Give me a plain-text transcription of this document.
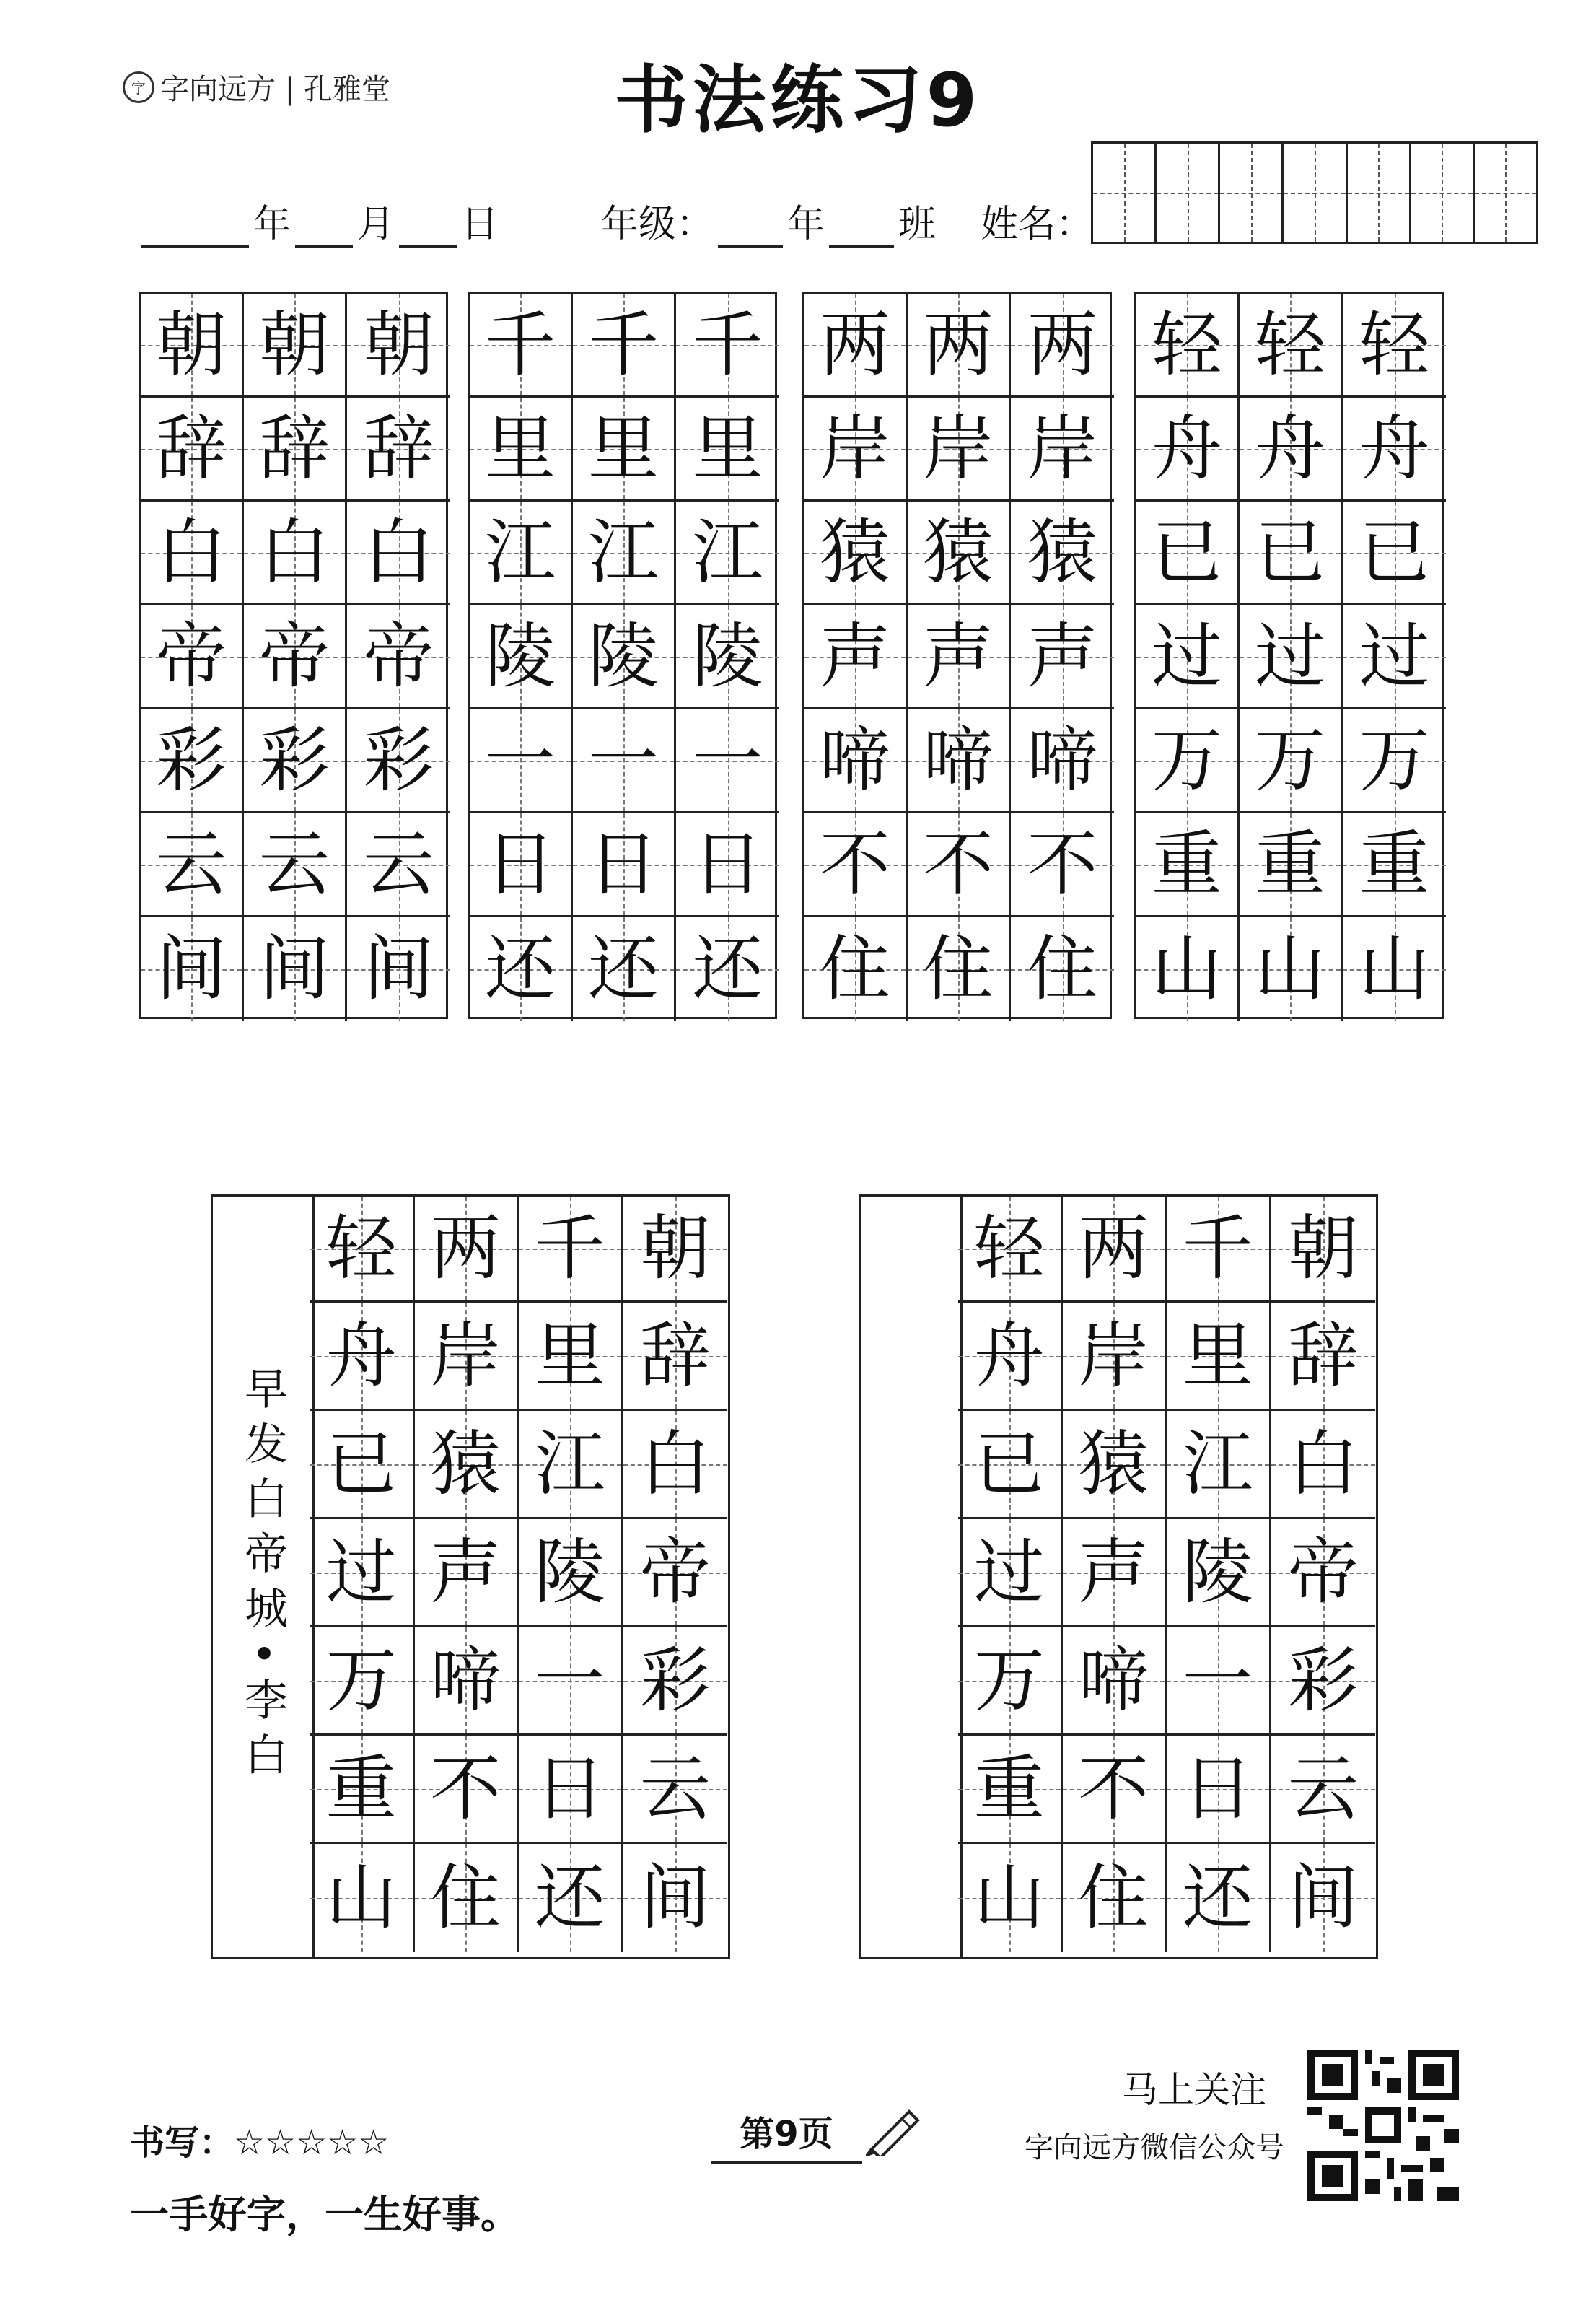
字 字向远方 | 孔雅堂	书法练习9
年 月 日	年级： 年 班 姓名：
朝 朝 朝
辞 辞 辞
白 白 白
帝 帝 帝
彩 彩 彩
云 云 云
间 间 间
千 千 千
里 里 里
江 江 江
陵 陵 陵
一 一 一
日 日 日
还 还 还
两 两 两
岸 岸 岸
猿 猿 猿
声 声 声
啼 啼 啼
不 不 不
住 住 住
轻 轻 轻
舟 舟 舟
已 已 已
过 过 过
万 万 万
重 重 重
山 山 山
早发白帝城•李白
轻 两 千 朝
舟 岸 里 辞
已 猿 江 白
过 声 陵 帝
万 啼 一 彩
重 不 日 云
山 住 还 间
轻 两 千 朝
舟 岸 里 辞
已 猿 江 白
过 声 陵 帝
万 啼 一 彩
重 不 日 云
山 住 还 间
马上关注
字向远方微信公众号
第9页
书写：☆☆☆☆☆
一手好字，一生好事。
